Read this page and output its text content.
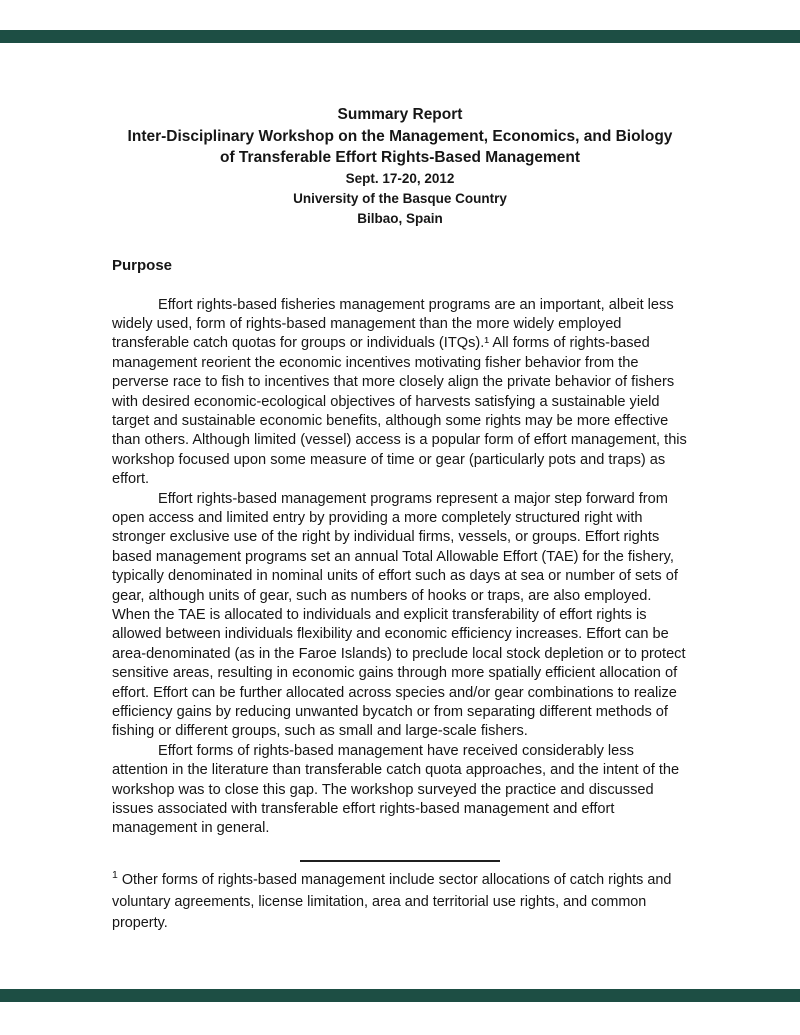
Summary Report
Inter-Disciplinary Workshop on the Management, Economics, and Biology
of Transferable Effort Rights-Based Management
Sept. 17-20, 2012
University of the Basque Country
Bilbao, Spain
Purpose

Effort rights-based fisheries management programs are an important, albeit less widely used, form of rights-based management than the more widely employed transferable catch quotas for groups or individuals (ITQs).¹ All forms of rights-based management reorient the economic incentives motivating fisher behavior from the perverse race to fish to incentives that more closely align the private behavior of fishers with desired economic-ecological objectives of harvests satisfying a sustainable yield target and sustainable economic benefits, although some rights may be more effective than others. Although limited (vessel) access is a popular form of effort management, this workshop focused upon some measure of time or gear (particularly pots and traps) as effort.

Effort rights-based management programs represent a major step forward from open access and limited entry by providing a more completely structured right with stronger exclusive use of the right by individual firms, vessels, or groups. Effort rights based management programs set an annual Total Allowable Effort (TAE) for the fishery, typically denominated in nominal units of effort such as days at sea or number of sets of gear, although units of gear, such as numbers of hooks or traps, are also employed. When the TAE is allocated to individuals and explicit transferability of effort rights is allowed between individuals flexibility and economic efficiency increases. Effort can be area-denominated (as in the Faroe Islands) to preclude local stock depletion or to protect sensitive areas, resulting in economic gains through more spatially efficient allocation of effort. Effort can be further allocated across species and/or gear combinations to realize efficiency gains by reducing unwanted bycatch or from separating different methods of fishing or different groups, such as small and large-scale fishers.

Effort forms of rights-based management have received considerably less attention in the literature than transferable catch quota approaches, and the intent of the workshop was to close this gap. The workshop surveyed the practice and discussed issues associated with transferable effort rights-based management and effort management in general.

$^1$ Other forms of rights-based management include sector allocations of catch rights and voluntary agreements, license limitation, area and territorial use rights, and common property.
